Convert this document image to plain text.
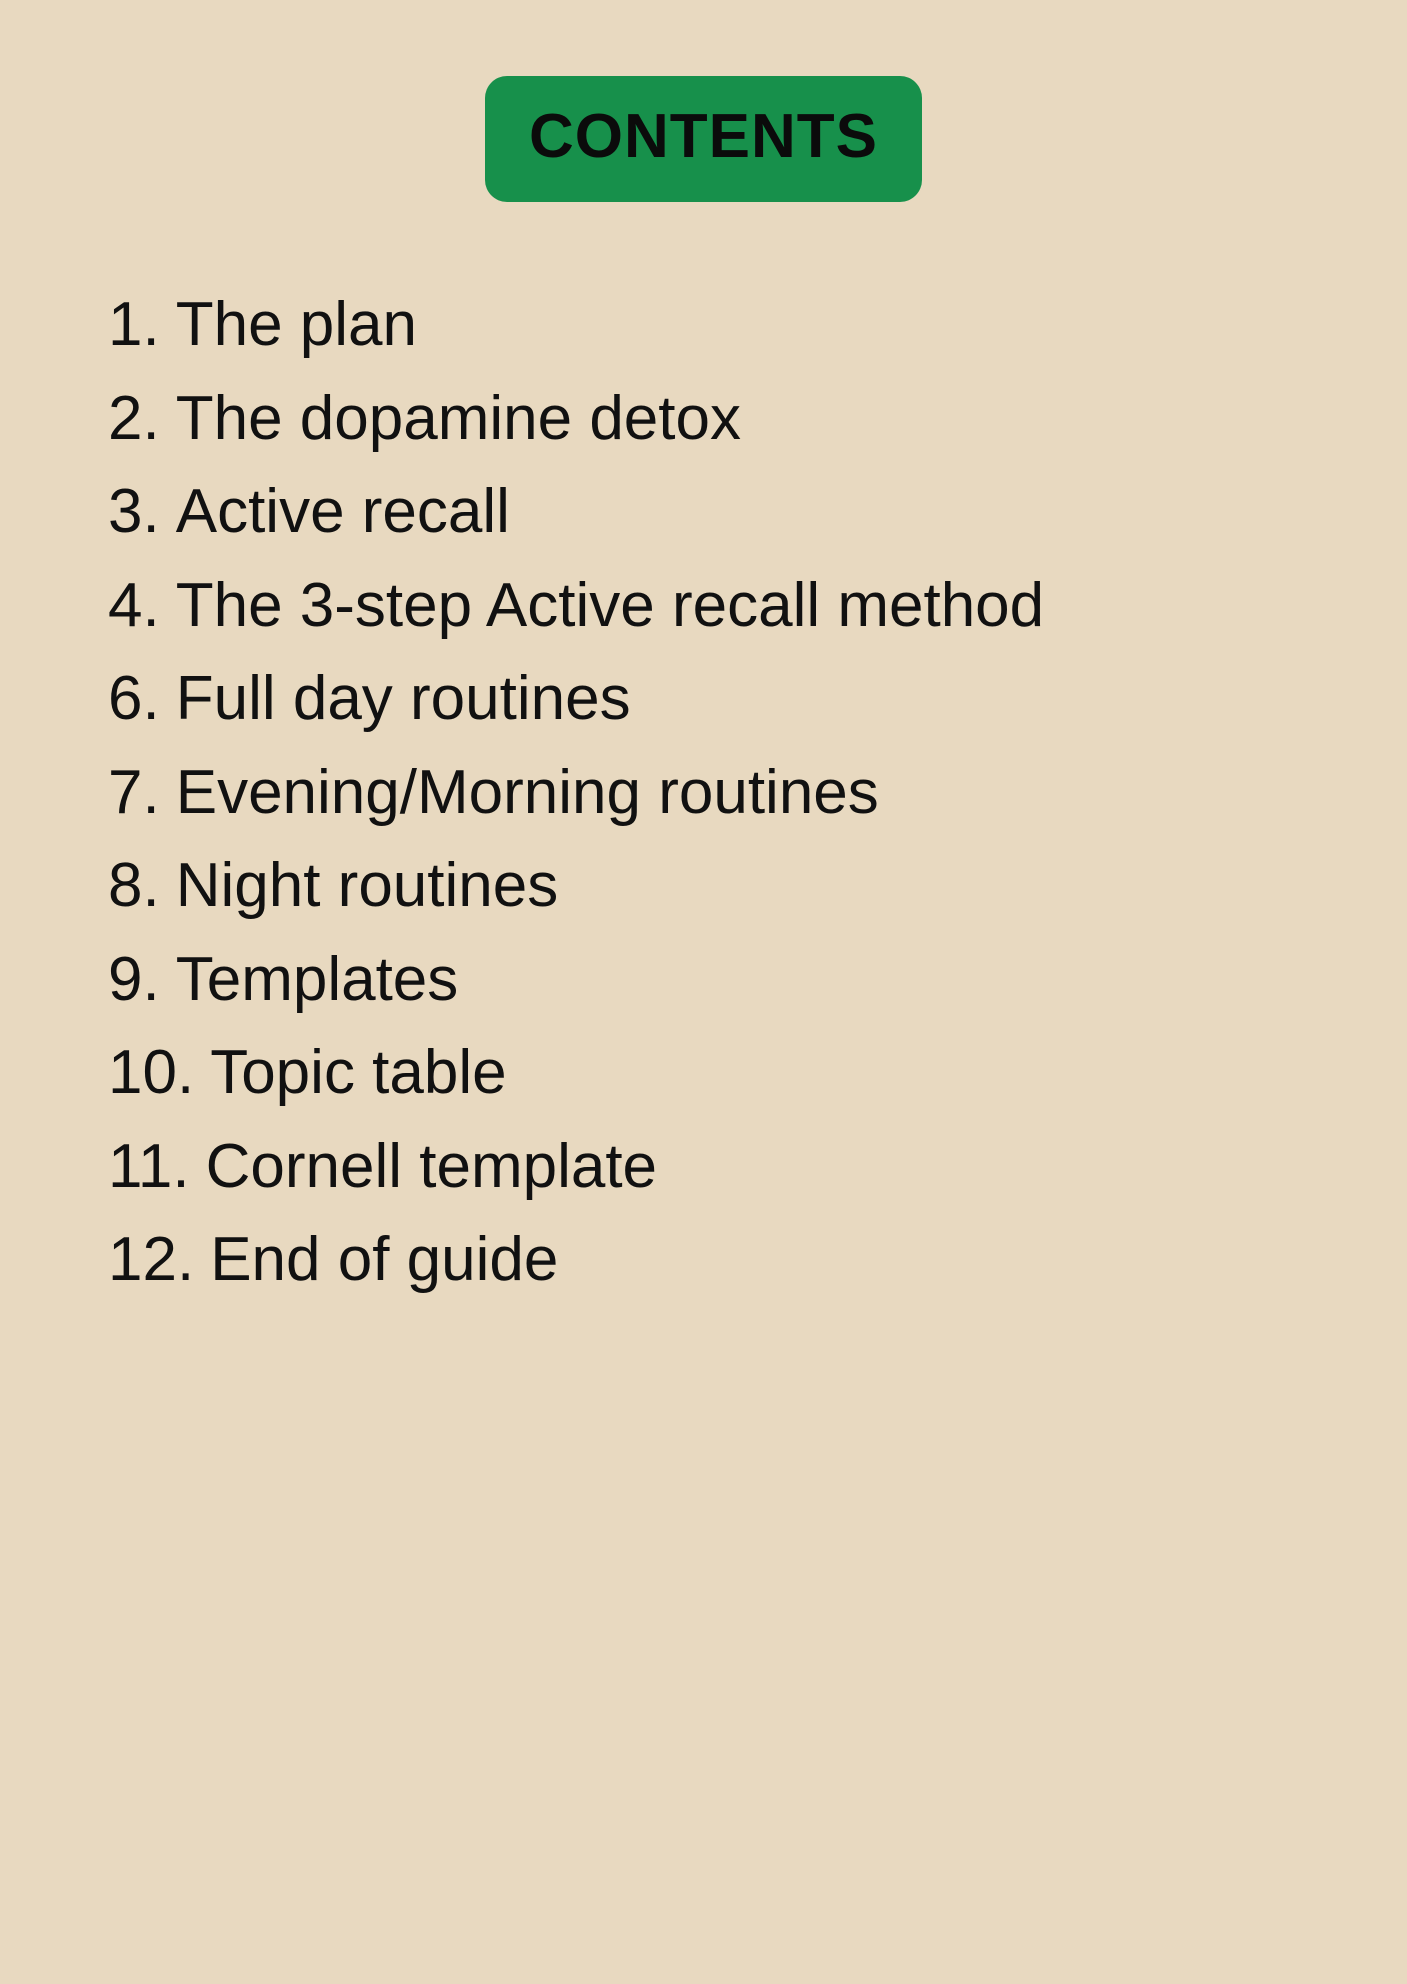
CONTENTS
1. The plan
2. The dopamine detox
3. Active recall
4. The 3-step Active recall method
6. Full day routines
7. Evening/Morning routines
8. Night routines
9. Templates
10. Topic table
11. Cornell template
12. End of guide
